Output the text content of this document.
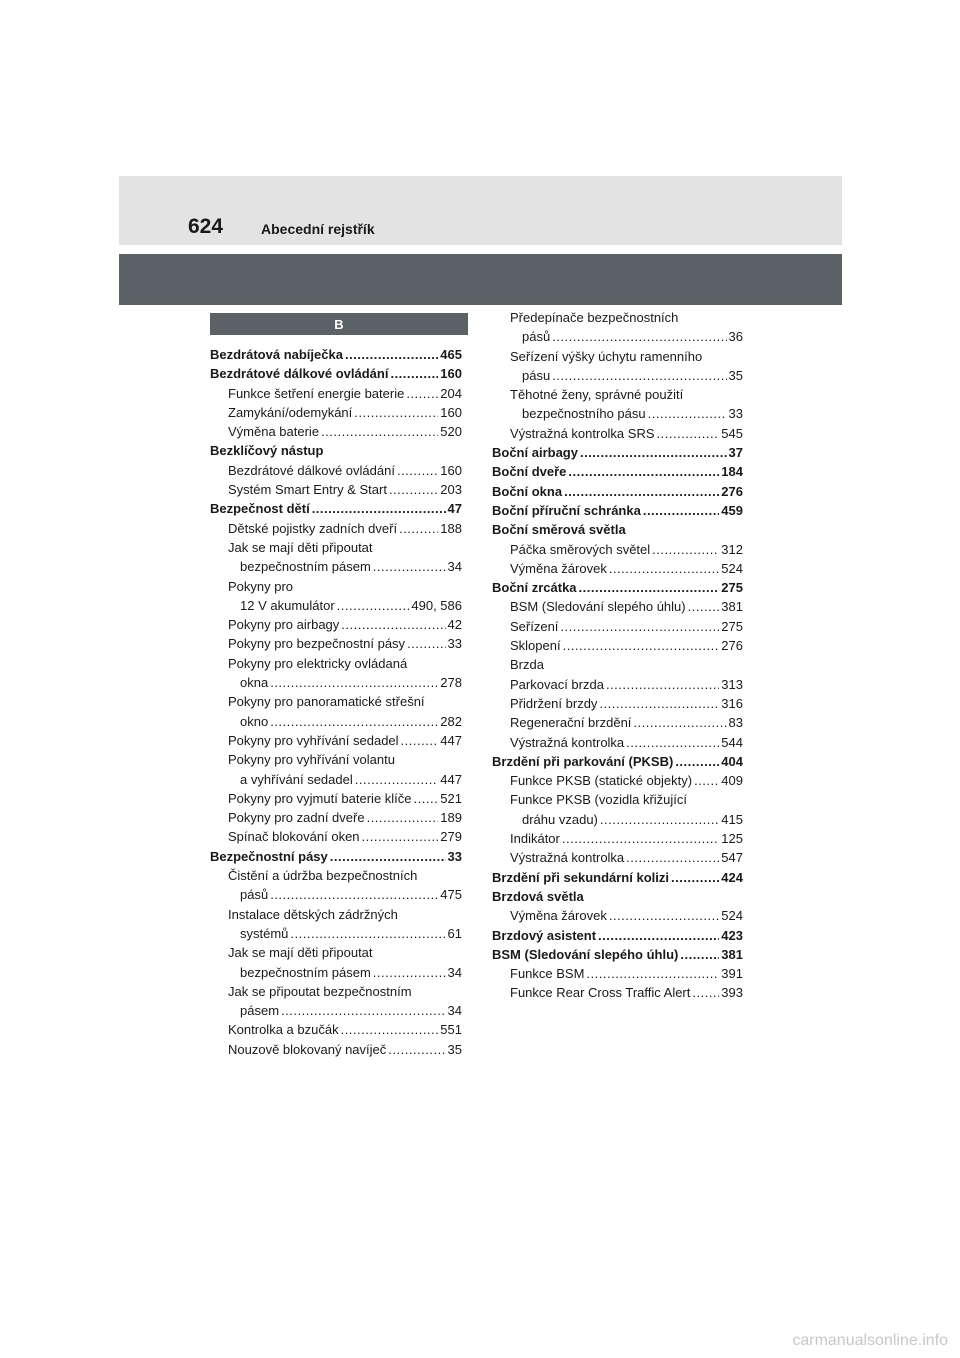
624	Abecední rejstřík
B
Bezdrátová nabíječka .....	465
Bezdrátové dálkové ovládání .....	160
Funkce šetření energie baterie .....	204
Zamykání/odemykání .....	160
Výměna baterie .....	520
Bezklíčový nástup
Bezdrátové dálkové ovládání .....	160
Systém Smart Entry & Start .....	203
Bezpečnost dětí .....	47
Dětské pojistky zadních dveří .....	188
Jak se mají děti připoutat
bezpečnostním pásem .....	34
Pokyny pro
12 V akumulátor .....	490, 586
Pokyny pro airbagy .....	42
Pokyny pro bezpečnostní pásy .....	33
Pokyny pro elektricky ovládaná
okna .....	278
Pokyny pro panoramatické střešní
okno .....	282
Pokyny pro vyhřívání sedadel .....	447
Pokyny pro vyhřívání volantu
a vyhřívání sedadel .....	447
Pokyny pro vyjmutí baterie klíče ..... 521
Pokyny pro zadní dveře .....	189
Spínač blokování oken .....	279
Bezpečnostní pásy .....	33
Čistění a údržba bezpečnostních
pásů .....	475
Instalace dětských zádržných
systémů .....	61
Jak se mají děti připoutat
bezpečnostním pásem .....	34
Jak se připoutat bezpečnostním
pásem .....	34
Kontrolka a bzučák .....	551
Nouzově blokovaný navíječ .....	35
Předepínače bezpečnostních
pásů .....	36
Seřízení výšky úchytu ramenního
pásu .....	35
Těhotné ženy, správné použití
bezpečnostního pásu .....	33
Výstražná kontrolka SRS .....	545
Boční airbagy .....	37
Boční dveře .....	184
Boční okna .....	276
Boční příruční schránka .....	459
Boční směrová světla
Páčka směrových světel .....	312
Výměna žárovek .....	524
Boční zrcátka .....	275
BSM (Sledování slepého úhlu) .....	381
Seřízení .....	275
Sklopení .....	276
Brzda
Parkovací brzda .....	313
Přidržení brzdy .....	316
Regenerační brzdění .....	83
Výstražná kontrolka .....	544
Brzdění při parkování (PKSB) .....	404
Funkce PKSB (statické objekty) ..... 409
Funkce PKSB (vozidla křižující
dráhu vzadu) .....	415
Indikátor .....	125
Výstražná kontrolka .....	547
Brzdění při sekundární kolizi .....	424
Brzdová světla
Výměna žárovek .....	524
Brzdový asistent .....	423
BSM (Sledování slepého úhlu) .....	381
Funkce BSM .....	391
Funkce Rear Cross Traffic Alert ..... 393
carmanualsonline.info
